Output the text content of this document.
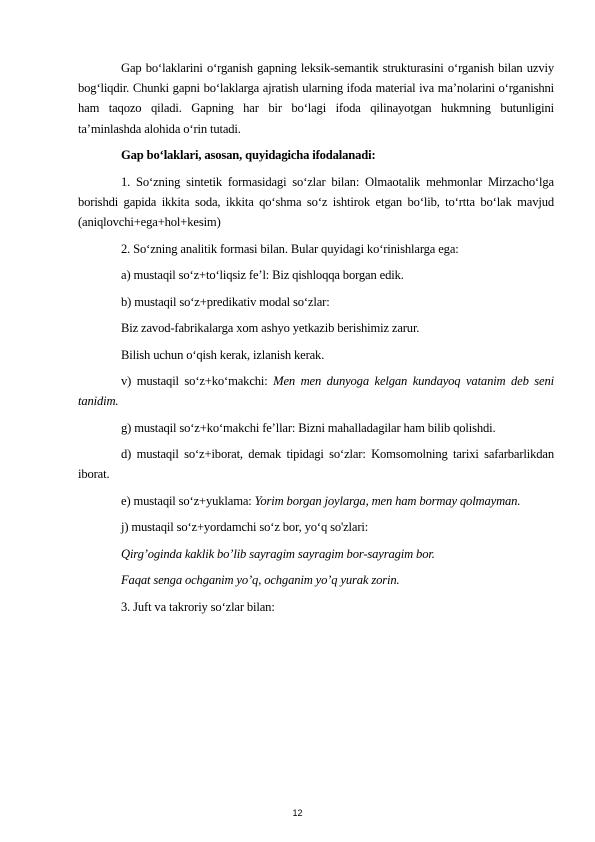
Gap bo‘laklarini o‘rganish gapning leksik-semantik strukturasini o‘rganish bilan uzviy bog‘liqdir. Chunki gapni bo‘laklarga ajratish ularning ifoda material iva ma’nolarini o‘rganishni ham taqozo qiladi. Gapning har bir bo‘lagi ifoda qilinayotgan hukmning butunligini ta’minlashda alohida o‘rin tutadi.

Gap bo‘laklari, asosan, quyidagicha ifodalanadi:

1. So‘zning sintetik formasidagi so‘zlar bilan: Olmaotalik mehmonlar Mirzacho‘lga borishdi gapida ikkita soda, ikkita qo‘shma so‘z ishtirok etgan bo‘lib, to‘rtta bo‘lak mavjud (aniqlovchi+ega+hol+kesim)

2. So‘zning analitik formasi bilan. Bular quyidagi ko‘rinishlarga ega:

a) mustaqil so‘z+to‘liqsiz fe’l: Biz qishloqqa borgan edik.

b) mustaqil so‘z+predikativ modal so‘zlar:

Biz zavod-fabrikalarga xom ashyo yetkazib berishimiz zarur.

Bilish uchun o‘qish kerak, izlanish kerak.

v) mustaqil so‘z+ko‘makchi: Men men dunyoga kelgan kundayoq vatanim deb seni tanidim.

g) mustaqil so‘z+ko‘makchi fe’llar: Bizni mahalladagilar ham bilib qolishdi.

d) mustaqil so‘z+iborat, demak tipidagi so‘zlar: Komsomolning tarixi safarbarlikdan iborat.

e) mustaqil so‘z+yuklama: Yorim borgan joylarga, men ham bormay qolmayman.

j) mustaqil so‘z+yordamchi so‘z bor, yo‘q so'zlari:

Qirg’oginda kaklik bo’lib sayragim sayragim bor-sayragim bor.

Faqat senga ochganim yo’q, ochganim yo’q yurak zorin.

3. Juft va takroriy so‘zlar bilan:

12
